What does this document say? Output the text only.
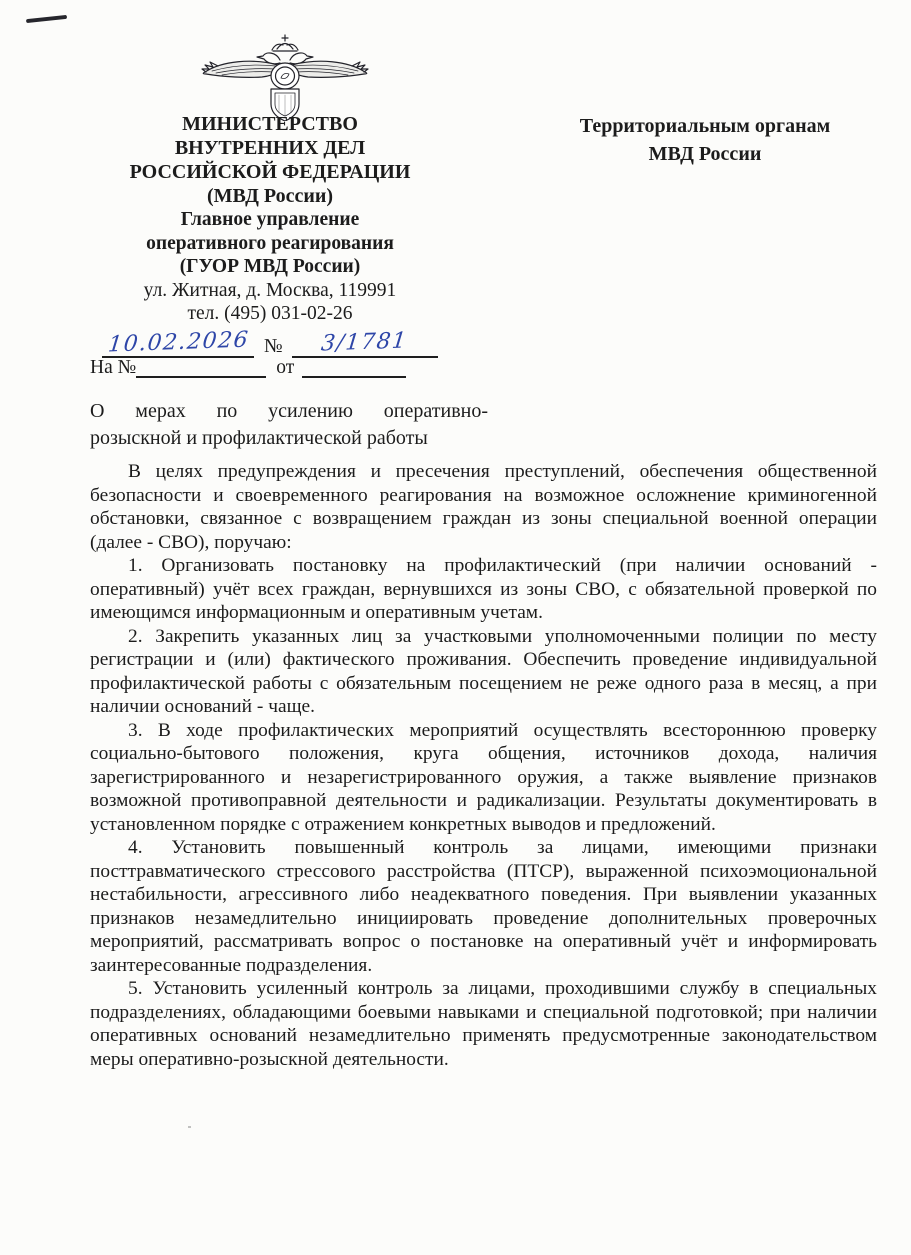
МИНИСТЕРСТВО
ВНУТРЕННИХ ДЕЛ
РОССИЙСКОЙ ФЕДЕРАЦИИ
(МВД России)
Главное управление
оперативного реагирования
(ГУОР МВД России)
ул. Житная, д. Москва, 119991
тел. (495) 031-02-26
10.02.2026 №	3/1781
На №	от
Территориальным органам
МВД России
О мерах по усилению оперативно-
розыскной и профилактической работы

В целях предупреждения и пресечения преступлений, обеспечения общественной безопасности и своевременного реагирования на возможное осложнение криминогенной обстановки, связанное с возвращением граждан из зоны специальной военной операции (далее - СВО), поручаю:

1. Организовать постановку на профилактический (при наличии оснований - оперативный) учёт всех граждан, вернувшихся из зоны СВО, с обязательной проверкой по имеющимся информационным и оперативным учетам.

2. Закрепить указанных лиц за участковыми уполномоченными полиции по месту регистрации и (или) фактического проживания. Обеспечить проведение индивидуальной профилактической работы с обязательным посещением не реже одного раза в месяц, а при наличии оснований - чаще.

3. В ходе профилактических мероприятий осуществлять всестороннюю проверку социально-бытового положения, круга общения, источников дохода, наличия зарегистрированного и незарегистрированного оружия, а также выявление признаков возможной противоправной деятельности и радикализации. Результаты документировать в установленном порядке с отражением конкретных выводов и предложений.

4. Установить повышенный контроль за лицами, имеющими признаки посттравматического стрессового расстройства (ПТСР), выраженной психоэмоциональной нестабильности, агрессивного либо неадекватного поведения. При выявлении указанных признаков незамедлительно инициировать проведение дополнительных проверочных мероприятий, рассматривать вопрос о постановке на оперативный учёт и информировать заинтересованные подразделения.

5. Установить усиленный контроль за лицами, проходившими службу в специальных подразделениях, обладающими боевыми навыками и специальной подготовкой; при наличии оперативных оснований незамедлительно применять предусмотренные законодательством меры оперативно-розыскной деятельности.
